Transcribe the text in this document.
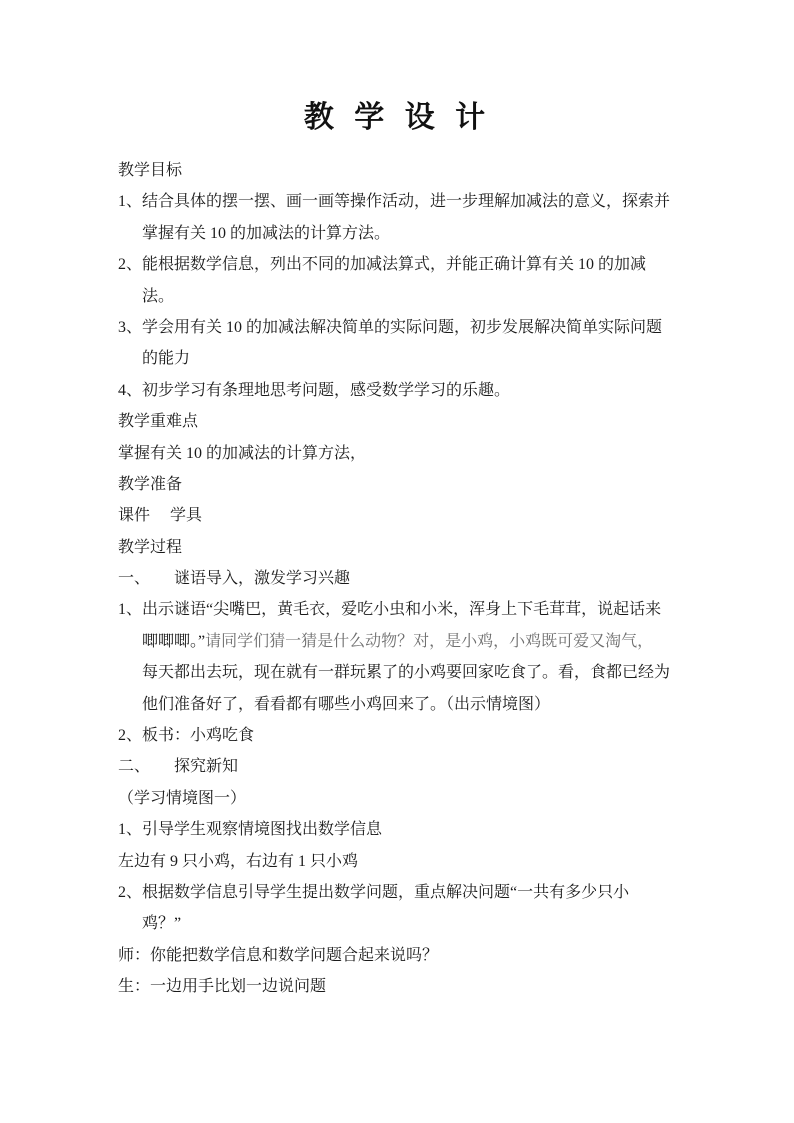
教 学 设 计
教学目标
1、结合具体的摆一摆、画一画等操作活动，进一步理解加减法的意义，探索并
掌握有关 10 的加减法的计算方法。
2、能根据数学信息，列出不同的加减法算式，并能正确计算有关 10 的加减
法。
3、学会用有关 10 的加减法解决简单的实际问题，初步发展解决简单实际问题
的能力
4、初步学习有条理地思考问题，感受数学学习的乐趣。
教学重难点
掌握有关 10 的加减法的计算方法，
教学准备
课件　 学具
教学过程
一、　　谜语导入，激发学习兴趣
1、出示谜语“尖嘴巴，黄毛衣，爱吃小虫和小米，浑身上下毛茸茸，说起话来
唧唧唧。”请同学们猜一猜是什么动物？对，是小鸡，小鸡既可爱又淘气，
每天都出去玩，现在就有一群玩累了的小鸡要回家吃食了。看，食都已经为
他们准备好了，看看都有哪些小鸡回来了。（出示情境图）
2、板书：小鸡吃食
二、　　探究新知
（学习情境图一）
1、引导学生观察情境图找出数学信息
左边有 9 只小鸡，右边有 1 只小鸡
2、根据数学信息引导学生提出数学问题，重点解决问题“一共有多少只小
鸡？”
师：你能把数学信息和数学问题合起来说吗？
生：一边用手比划一边说问题
